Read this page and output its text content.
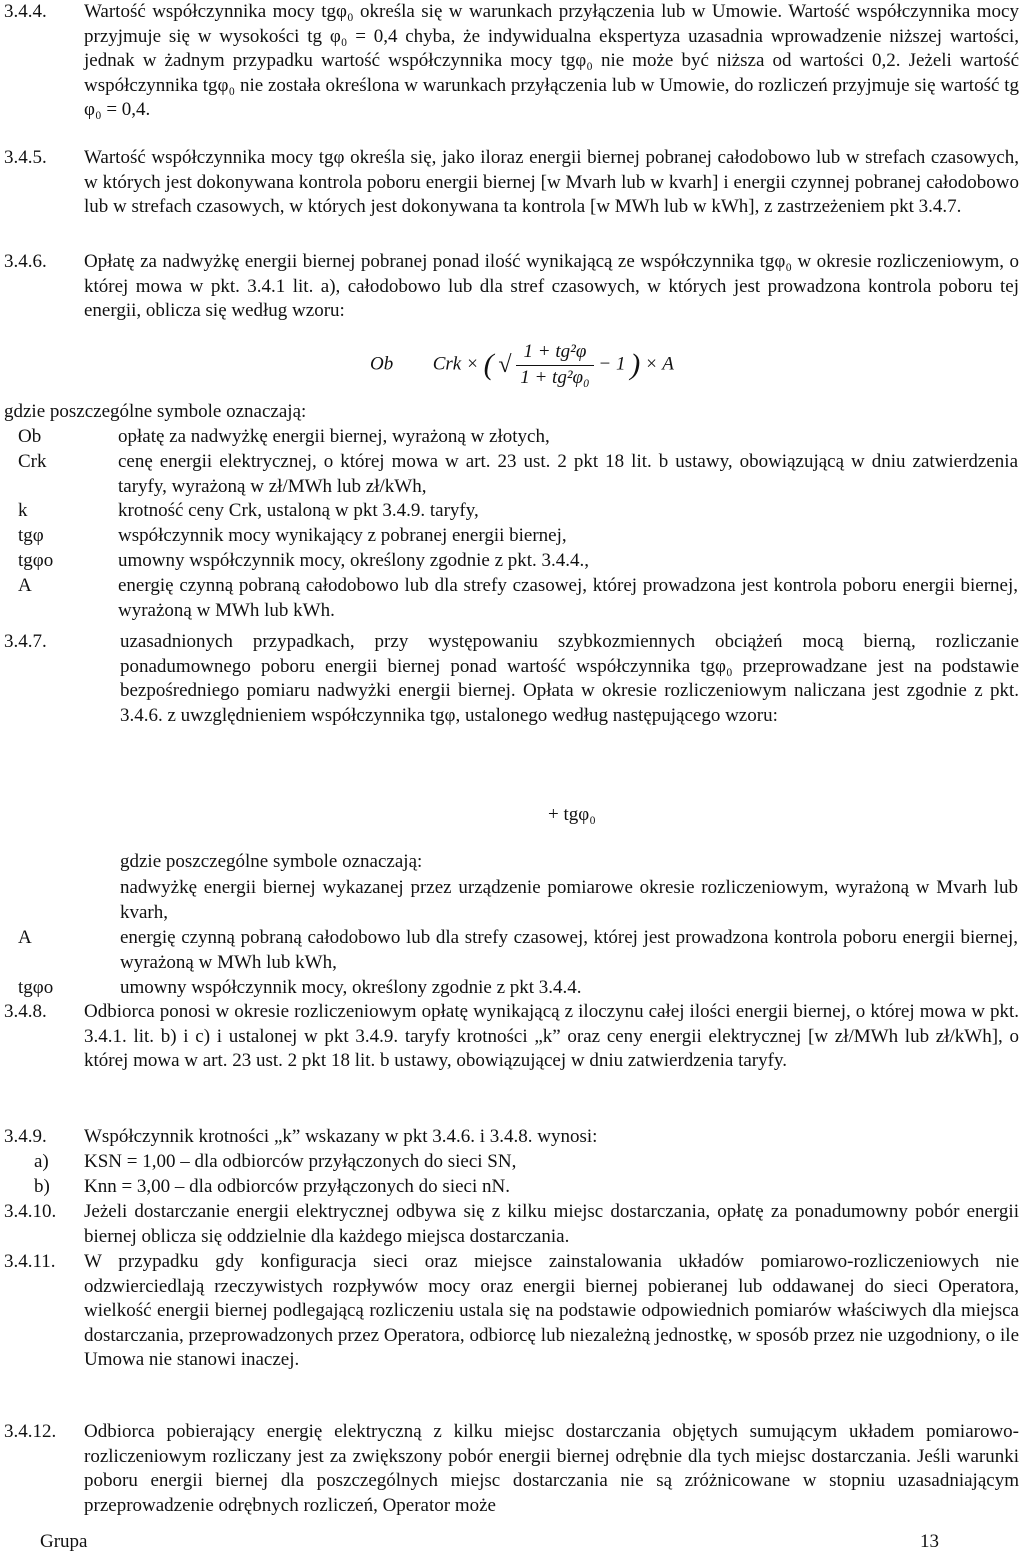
3.4.4. Wartość współczynnika mocy tgφ₀ określa się w warunkach przyłączenia lub w Umowie. Wartość współczynnika mocy przyjmuje się w wysokości tg φ₀ = 0,4 chyba, że indywidualna ekspertyza uzasadnia wprowadzenie niższej wartości, jednak w żadnym przypadku wartość współczynnika mocy tgφ₀ nie może być niższa od wartości 0,2. Jeżeli wartość współczynnika tgφ₀ nie została określona w warunkach przyłączenia lub w Umowie, do rozliczeń przyjmuje się wartość tg φ₀ = 0,4.
3.4.5. Wartość współczynnika mocy tgφ określa się, jako iloraz energii biernej pobranej całodobowo lub w strefach czasowych, w których jest dokonywana kontrola poboru energii biernej [w Mvarh lub w kvarh] i energii czynnej pobranej całodobowo lub w strefach czasowych, w których jest dokonywana ta kontrola [w MWh lub w kWh], z zastrzeżeniem pkt 3.4.7.
3.4.6. Opłatę za nadwyżkę energii biernej pobranej ponad ilość wynikającą ze współczynnika tgφ₀ w okresie rozliczeniowym, o której mowa w pkt. 3.4.1 lit. a), całodobowo lub dla stref czasowych, w których jest prowadzona kontrola poboru tej energii, oblicza się według wzoru:
Ob Crk × ( √ $\frac{\text{1 + tg²φ}}{\text{1 + tg²φ₀}} - 1$ ) × A
gdzie poszczególne symbole oznaczają:
Ob	opłatę za nadwyżkę energii biernej, wyrażoną w złotych,
Crk	cenę energii elektrycznej, o której mowa w art. 23 ust. 2 pkt 18 lit. b ustawy, obowiązującą w dniu zatwierdzenia taryfy, wyrażoną w zł/MWh lub zł/kWh,
k	krotność ceny Crk, ustaloną w pkt 3.4.9. taryfy,
tgφ	współczynnik mocy wynikający z pobranej energii biernej,
tgφo	umowny współczynnik mocy, określony zgodnie z pkt. 3.4.4.,
A	energię czynną pobraną całodobowo lub dla strefy czasowej, której prowadzona jest kontrola poboru energii biernej, wyrażoną w MWh lub kWh.
3.4.7.	uzasadnionych przypadkach, przy występowaniu szybkozmiennych obciążeń mocą bierną, rozliczanie ponadumownego poboru energii biernej ponad wartość współczynnika tgφ₀ przeprowadzane jest na podstawie bezpośredniego pomiaru nadwyżki energii biernej. Opłata w okresie rozliczeniowym naliczana jest zgodnie z pkt. 3.4.6. z uwzględnieniem współczynnika tgφ, ustalonego według następującego wzoru:
+ tgφ₀
gdzie poszczególne symbole oznaczają:
nadwyżkę energii biernej wykazanej przez urządzenie pomiarowe okresie rozliczeniowym, wyrażoną w Mvarh lub kvarh,
A	energię czynną pobraną całodobowo lub dla strefy czasowej, której jest prowadzona kontrola poboru energii biernej, wyrażoną w MWh lub kWh,
tgφo	umowny współczynnik mocy, określony zgodnie z pkt 3.4.4.
3.4.8. Odbiorca ponosi w okresie rozliczeniowym opłatę wynikającą z iloczynu całej ilości energii biernej, o której mowa w pkt. 3.4.1. lit. b) i c) i ustalonej w pkt 3.4.9. taryfy krotności „k” oraz ceny energii elektrycznej [w zł/MWh lub zł/kWh], o której mowa w art. 23 ust. 2 pkt 18 lit. b ustawy, obowiązującej w dniu zatwierdzenia taryfy.
3.4.9. Współczynnik krotności „k” wskazany w pkt 3.4.6. i 3.4.8. wynosi:
a) KSN = 1,00 – dla odbiorców przyłączonych do sieci SN,
b) Knn = 3,00 – dla odbiorców przyłączonych do sieci nN.
3.4.10. Jeżeli dostarczanie energii elektrycznej odbywa się z kilku miejsc dostarczania, opłatę za ponadumowny pobór energii biernej oblicza się oddzielnie dla każdego miejsca dostarczania.
3.4.11. W przypadku gdy konfiguracja sieci oraz miejsce zainstalowania układów pomiarowo-rozliczeniowych nie odzwierciedlają rzeczywistych rozpływów mocy oraz energii biernej pobieranej lub oddawanej do sieci Operatora, wielkość energii biernej podlegającą rozliczeniu ustala się na podstawie odpowiednich pomiarów właściwych dla miejsca dostarczania, przeprowadzonych przez Operatora, odbiorcę lub niezależną jednostkę, w sposób przez nie uzgodniony, o ile Umowa nie stanowi inaczej.
3.4.12. Odbiorca pobierający energię elektryczną z kilku miejsc dostarczania objętych sumującym układem pomiarowo-rozliczeniowym rozliczany jest za zwiększony pobór energii biernej odrębnie dla tych miejsc dostarczania. Jeśli warunki poboru energii biernej dla poszczególnych miejsc dostarczania nie są zróżnicowane w stopniu uzasadniającym przeprowadzenie odrębnych rozliczeń, Operator może
Grupa	13
